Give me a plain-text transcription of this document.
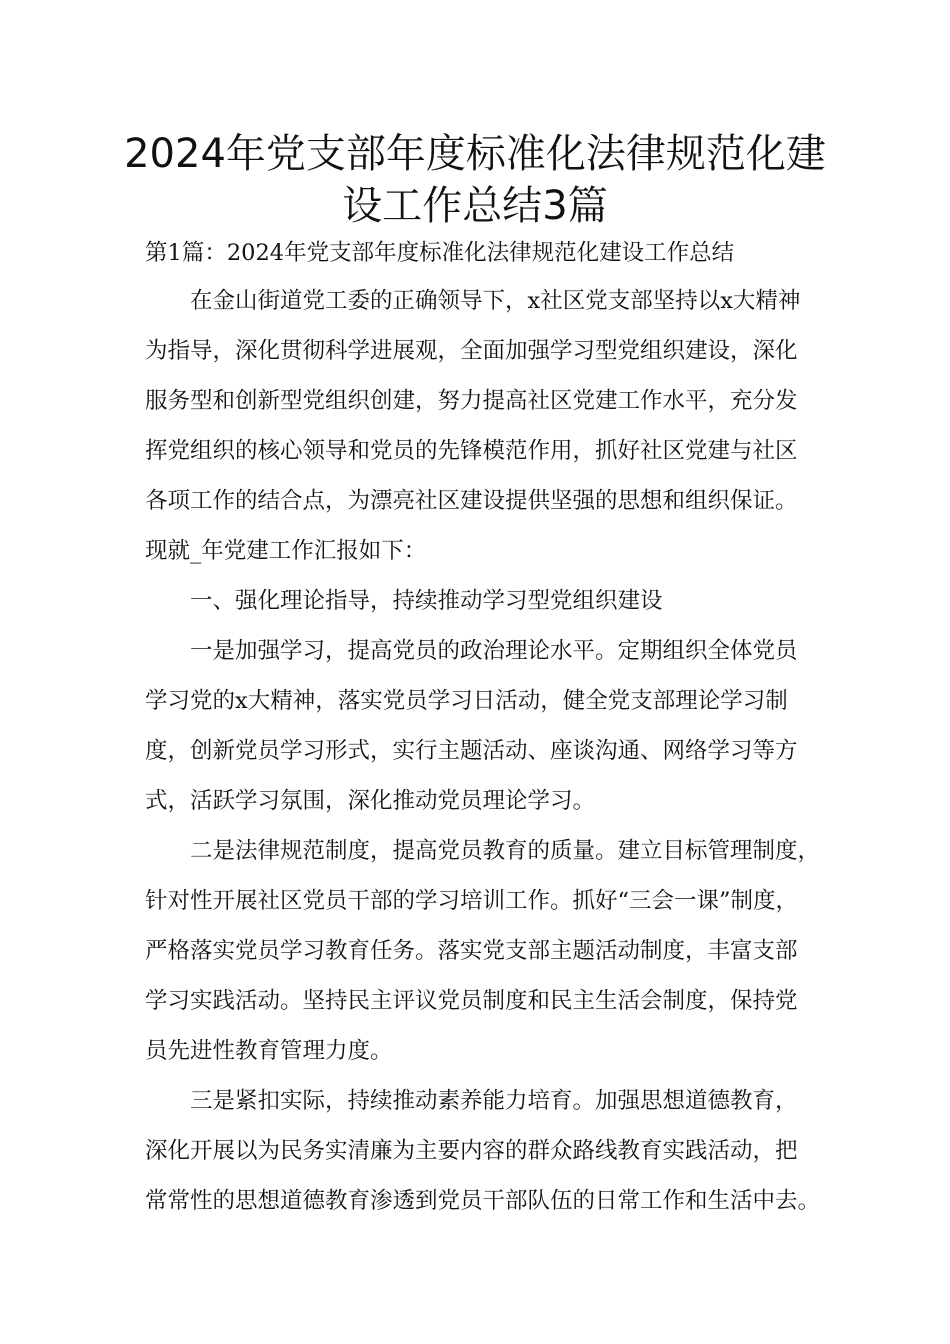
2024年党支部年度标准化法律规范化建
设工作总结3篇
第1篇：2024年党支部年度标准化法律规范化建设工作总结
在金山街道党工委的正确领导下，x社区党支部坚持以x大精神
为指导，深化贯彻科学进展观，全面加强学习型党组织建设，深化
服务型和创新型党组织创建，努力提高社区党建工作水平，充分发
挥党组织的核心领导和党员的先锋模范作用，抓好社区党建与社区
各项工作的结合点，为漂亮社区建设提供坚强的思想和组织保证。
现就_年党建工作汇报如下：
一、强化理论指导，持续推动学习型党组织建设
一是加强学习，提高党员的政治理论水平。定期组织全体党员
学习党的x大精神，落实党员学习日活动，健全党支部理论学习制
度，创新党员学习形式，实行主题活动、座谈沟通、网络学习等方
式，活跃学习氛围，深化推动党员理论学习。
二是法律规范制度，提高党员教育的质量。建立目标管理制度，
针对性开展社区党员干部的学习培训工作。抓好“三会一课”制度，
严格落实党员学习教育任务。落实党支部主题活动制度，丰富支部
学习实践活动。坚持民主评议党员制度和民主生活会制度，保持党
员先进性教育管理力度。
三是紧扣实际，持续推动素养能力培育。加强思想道德教育，
深化开展以为民务实清廉为主要内容的群众路线教育实践活动，把
常常性的思想道德教育渗透到党员干部队伍的日常工作和生活中去。
